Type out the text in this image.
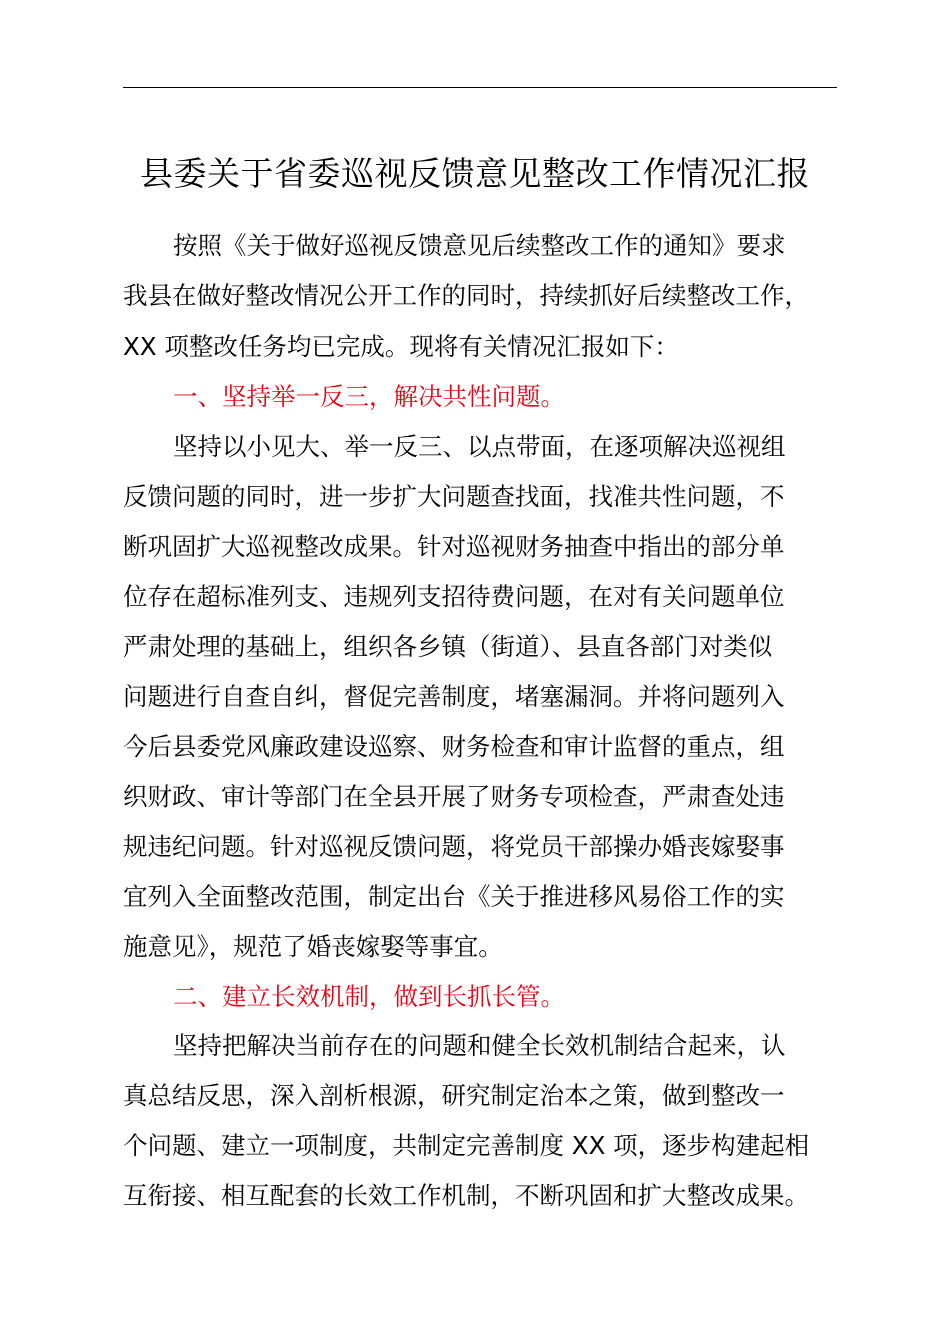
县委关于省委巡视反馈意见整改工作情况汇报

按照《关于做好巡视反馈意见后续整改工作的通知》要求

我县在做好整改情况公开工作的同时，持续抓好后续整改工作，

XX 项整改任务均已完成。现将有关情况汇报如下：

一、坚持举一反三，解决共性问题。

坚持以小见大、举一反三、以点带面，在逐项解决巡视组

反馈问题的同时，进一步扩大问题查找面，找准共性问题，不

断巩固扩大巡视整改成果。针对巡视财务抽查中指出的部分单

位存在超标准列支、违规列支招待费问题，在对有关问题单位

严肃处理的基础上，组织各乡镇（街道）、县直各部门对类似

问题进行自查自纠，督促完善制度，堵塞漏洞。并将问题列入

今后县委党风廉政建设巡察、财务检查和审计监督的重点，组

织财政、审计等部门在全县开展了财务专项检查，严肃查处违

规违纪问题。针对巡视反馈问题，将党员干部操办婚丧嫁娶事

宜列入全面整改范围，制定出台《关于推进移风易俗工作的实

施意见》，规范了婚丧嫁娶等事宜。

二、建立长效机制，做到长抓长管。

坚持把解决当前存在的问题和健全长效机制结合起来，认

真总结反思，深入剖析根源，研究制定治本之策，做到整改一

个问题、建立一项制度，共制定完善制度 XX 项，逐步构建起相

互衔接、相互配套的长效工作机制，不断巩固和扩大整改成果。
